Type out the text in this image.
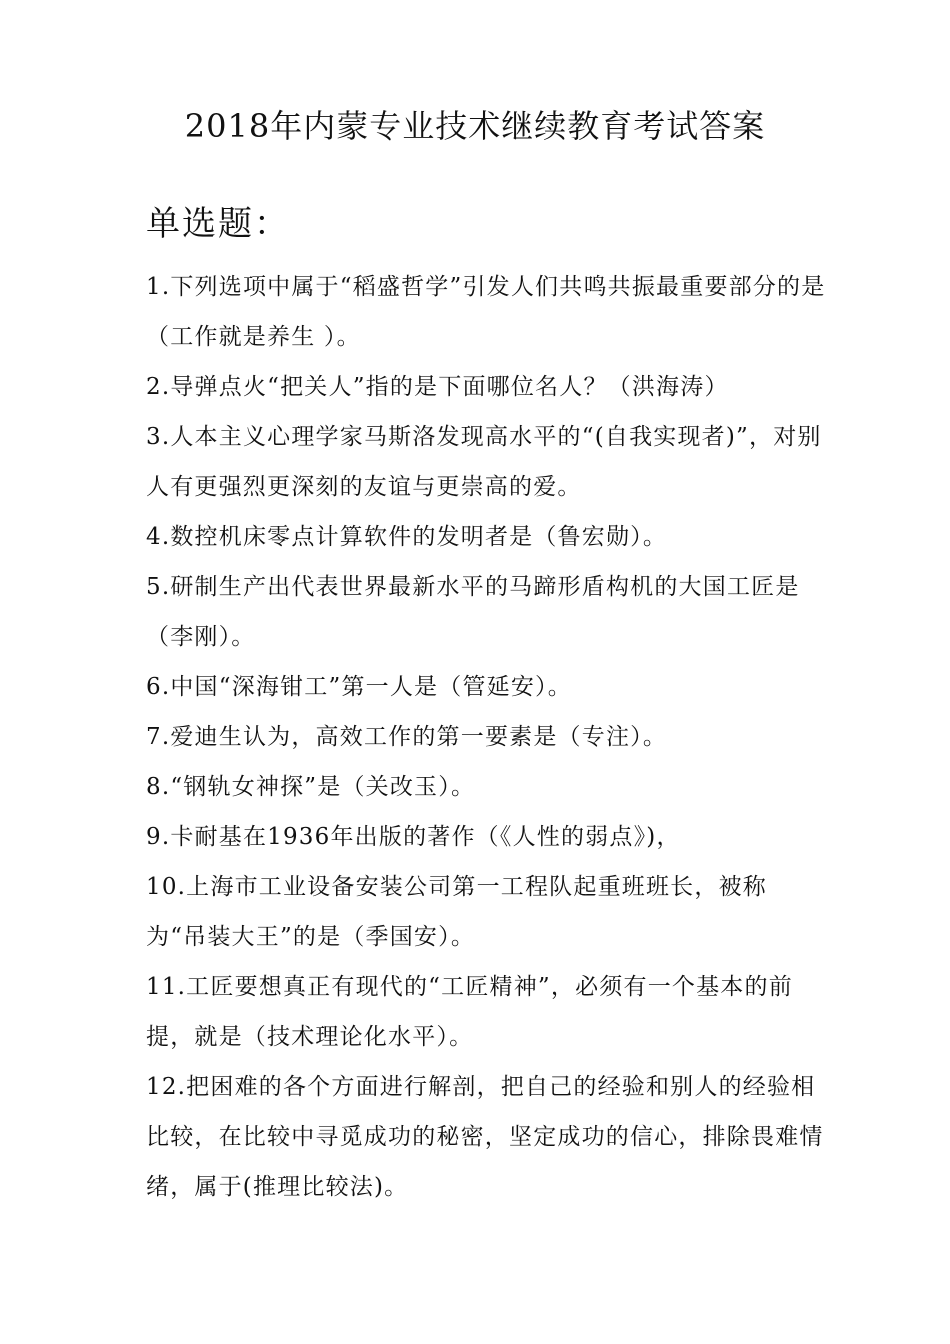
2018年内蒙专业技术继续教育考试答案
单选题：
1.下列选项中属于“稻盛哲学”引发人们共鸣共振最重要部分的是（工作就是养生 ）。
2.导弹点火“把关人”指的是下面哪位名人？（洪海涛）
3.人本主义心理学家马斯洛发现高水平的“(自我实现者)”，对别人有更强烈更深刻的友谊与更崇高的爱。
4.数控机床零点计算软件的发明者是（鲁宏勋）。
5.研制生产出代表世界最新水平的马蹄形盾构机的大国工匠是（李刚）。
6.中国“深海钳工”第一人是（管延安）。
7.爱迪生认为，高效工作的第一要素是（专注）。
8.“钢轨女神探”是（关改玉）。
9.卡耐基在1936年出版的著作（《人性的弱点》)，
10.上海市工业设备安装公司第一工程队起重班班长，被称为“吊装大王”的是（季国安）。
11.工匠要想真正有现代的“工匠精神”，必须有一个基本的前提，就是（技术理论化水平）。
12.把困难的各个方面进行解剖，把自己的经验和别人的经验相比较，在比较中寻觅成功的秘密，坚定成功的信心，排除畏难情绪，属于(推理比较法)。
